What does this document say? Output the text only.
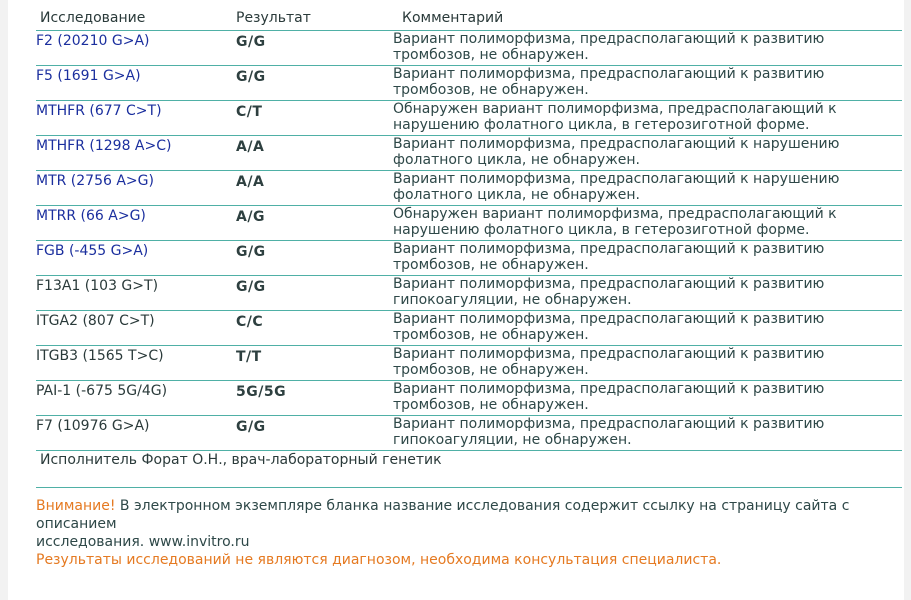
Исследование	Результат	Комментарий
F2 (20210 G>A)	G/G	Вариант полиморфизма, предрасполагающий к развитию
тромбозов, не обнаружен.
F5 (1691 G>A)	G/G	Вариант полиморфизма, предрасполагающий к развитию
тромбозов, не обнаружен.
MTHFR (677 C>T)	C/T	Обнаружен вариант полиморфизма, предрасполагающий к
нарушению фолатного цикла, в гетерозиготной форме.
MTHFR (1298 A>C)	A/A	Вариант полиморфизма, предрасполагающий к нарушению
фолатного цикла, не обнаружен.
MTR (2756 A>G)	A/A	Вариант полиморфизма, предрасполагающий к нарушению
фолатного цикла, не обнаружен.
MTRR (66 A>G)	A/G	Обнаружен вариант полиморфизма, предрасполагающий к
нарушению фолатного цикла, в гетерозиготной форме.
FGB (-455 G>A)	G/G	Вариант полиморфизма, предрасполагающий к развитию
тромбозов, не обнаружен.
F13A1 (103 G>T)	G/G	Вариант полиморфизма, предрасполагающий к развитию
гипокоагуляции, не обнаружен.
ITGA2 (807 C>T)	C/C	Вариант полиморфизма, предрасполагающий к развитию
тромбозов, не обнаружен.
ITGB3 (1565 T>C)	T/T	Вариант полиморфизма, предрасполагающий к развитию
тромбозов, не обнаружен.
PAI-1 (-675 5G/4G)	5G/5G	Вариант полиморфизма, предрасполагающий к развитию
тромбозов, не обнаружен.
F7 (10976 G>A)	G/G	Вариант полиморфизма, предрасполагающий к развитию
гипокоагуляции, не обнаружен.
Исполнитель Форат О.Н., врач-лабораторный генетик
Внимание! В электронном экземпляре бланка название исследования содержит ссылку на страницу сайта с описанием
исследования. www.invitro.ru
Результаты исследований не являются диагнозом, необходима консультация специалиста.
